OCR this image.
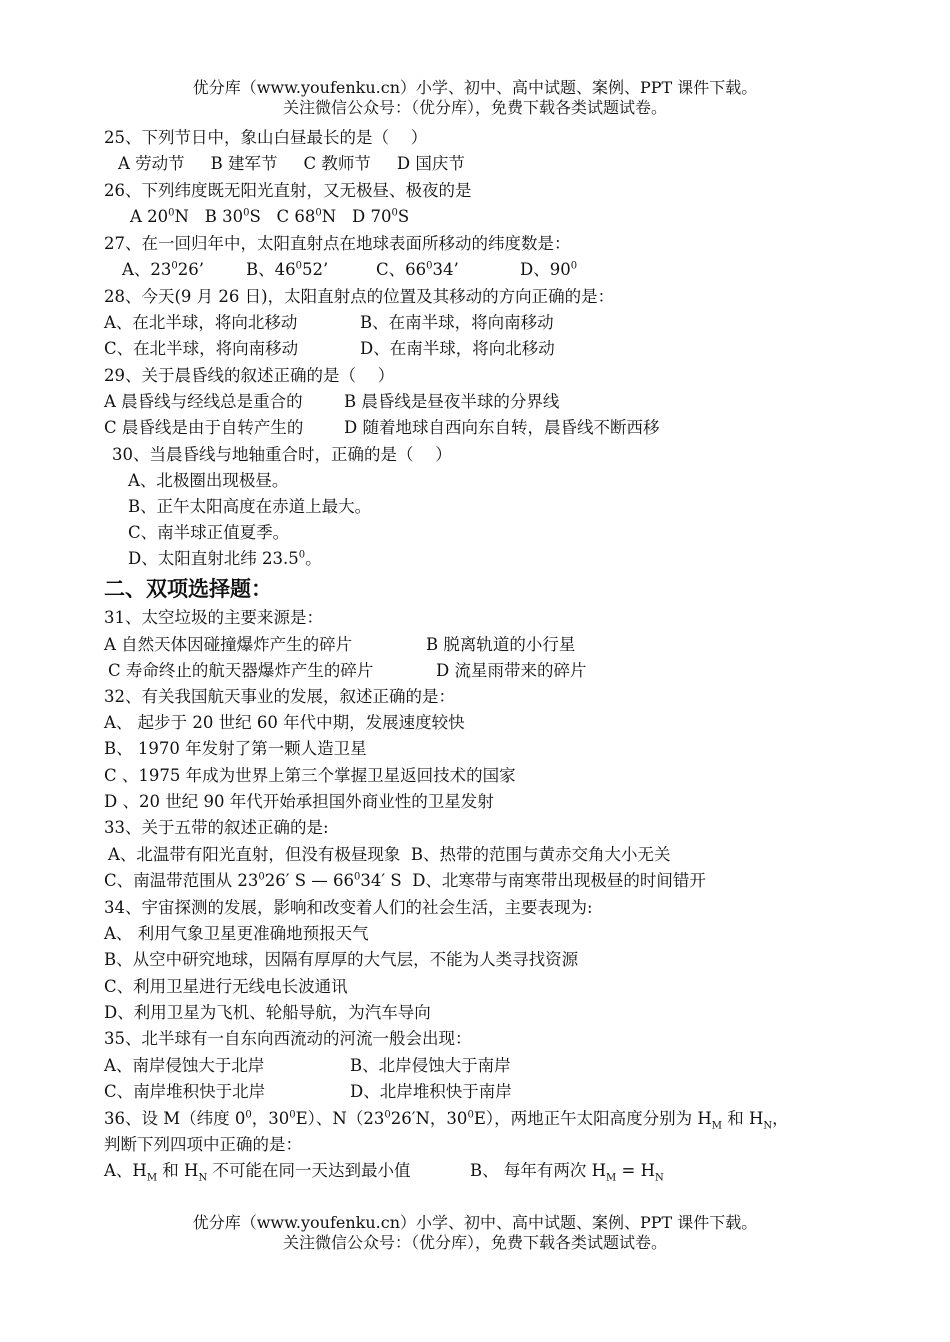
优分库（www.youfenku.cn）小学、初中、高中试题、案例、PPT 课件下载。
关注微信公众号：（优分库），免费下载各类试题试卷。
25、下列节日中，象山白昼最长的是（　 ）
A 劳动节 B 建军节 C 教师节 D 国庆节
26、下列纬度既无阳光直射，又无极昼、极夜的是
A $20^0N$ B $30^0S$ C $68^0N$ D $70^0S$
27、在一回归年中，太阳直射点在地球表面所移动的纬度数是：
A、$23^026$’	B、$46^052$’	C、$66^034$’	D、$90^0$
28、今天(9 月 26 日)，太阳直射点的位置及其移动的方向正确的是：
A、在北半球，将向北移动	B、在南半球，将向南移动
C、在北半球，将向南移动	D、在南半球，将向北移动
29、关于晨昏线的叙述正确的是（　 ）
A 晨昏线与经线总是重合的	B 晨昏线是昼夜半球的分界线
C 晨昏线是由于自转产生的 D 随着地球自西向东自转，晨昏线不断西移
30、当晨昏线与地轴重合时，正确的是（　 ）
A、北极圈出现极昼。
B、正午太阳高度在赤道上最大。
C、南半球正值夏季。
D、太阳直射北纬 23.5$^0$。
二、双项选择题：
31、太空垃圾的主要来源是：
A 自然天体因碰撞爆炸产生的碎片	B 脱离轨道的小行星
C 寿命终止的航天器爆炸产生的碎片	D 流星雨带来的碎片
32、有关我国航天事业的发展，叙述正确的是：
A、 起步于 20 世纪 60 年代中期，发展速度较快
B、 1970 年发射了第一颗人造卫星
C 、1975 年成为世界上第三个掌握卫星返回技术的国家
D 、20 世纪 90 年代开始承担国外商业性的卫星发射
33、关于五带的叙述正确的是:
A、北温带有阳光直射，但没有极昼现象 B、热带的范围与黄赤交角大小无关
C、南温带范围从 $23^026'$ S — $66^034'$ S D、北寒带与南寒带出现极昼的时间错开
34、宇宙探测的发展，影响和改变着人们的社会生活，主要表现为:
A、 利用气象卫星更准确地预报天气
B、从空中研究地球，因隔有厚厚的大气层，不能为人类寻找资源
C、利用卫星进行无线电长波通讯
D、利用卫星为飞机、轮船导航，为汽车导向
35、北半球有一自东向西流动的河流一般会出现：
A、南岸侵蚀大于北岸	B、北岸侵蚀大于南岸
C、南岸堆积快于北岸	D、北岸堆积快于南岸
36、设 M（纬度 $0^0$，$30^0E$）、$N(23^026'N$，$30^0E$），两地正午太阳高度分别为 $H_M$ 和 $H_N$，
判断下列四项中正确的是：
A、$H_M$ 和 $H_N$ 不可能在同一天达到最小值	B、 每年有两次 $H_M = H_N$
优分库（www.youfenku.cn）小学、初中、高中试题、案例、PPT 课件下载。
关注微信公众号：（优分库），免费下载各类试题试卷。
